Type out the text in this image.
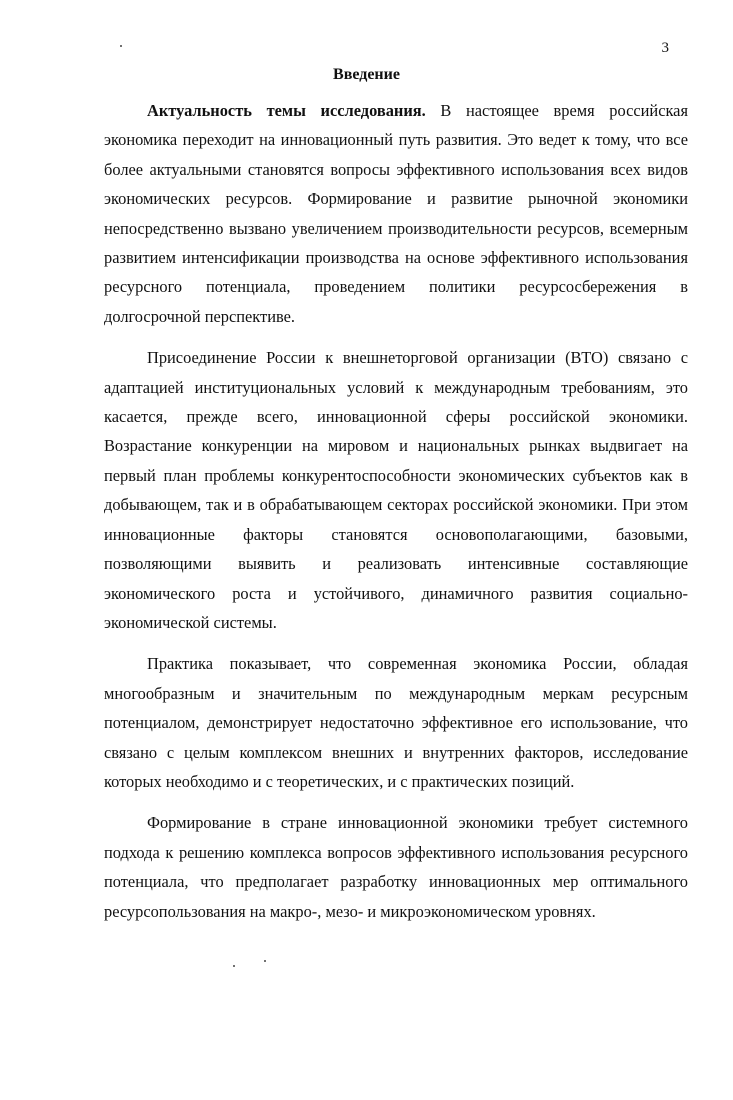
3
Введение

Актуальность темы исследования. В настоящее время российская экономика переходит на инновационный путь развития. Это ведет к тому, что все более актуальными становятся вопросы эффективного использования всех видов экономических ресурсов. Формирование и развитие рыночной экономики непосредственно вызвано увеличением производительности ресурсов, всемерным развитием интенсификации производства на основе эффективного использования ресурсного потенциала, проведением политики ресурсосбережения в долгосрочной перспективе.

Присоединение России к внешнеторговой организации (ВТО) связано с адаптацией институциональных условий к международным требованиям, это касается, прежде всего, инновационной сферы российской экономики. Возрастание конкуренции на мировом и национальных рынках выдвигает на первый план проблемы конкурентоспособности экономических субъектов как в добывающем, так и в обрабатывающем секторах российской экономики. При этом инновационные факторы становятся основополагающими, базовыми, позволяющими выявить и реализовать интенсивные составляющие экономического роста и устойчивого, динамичного развития социально-экономической системы.

Практика показывает, что современная экономика России, обладая многообразным и значительным по международным меркам ресурсным потенциалом, демонстрирует недостаточно эффективное его использование, что связано с целым комплексом внешних и внутренних факторов, исследование которых необходимо и с теоретических, и с практических позиций.

Формирование в стране инновационной экономики требует системного подхода к решению комплекса вопросов эффективного использования ресурсного потенциала, что предполагает разработку инновационных мер оптимального ресурсопользования на макро-, мезо- и микроэкономическом уровнях.
